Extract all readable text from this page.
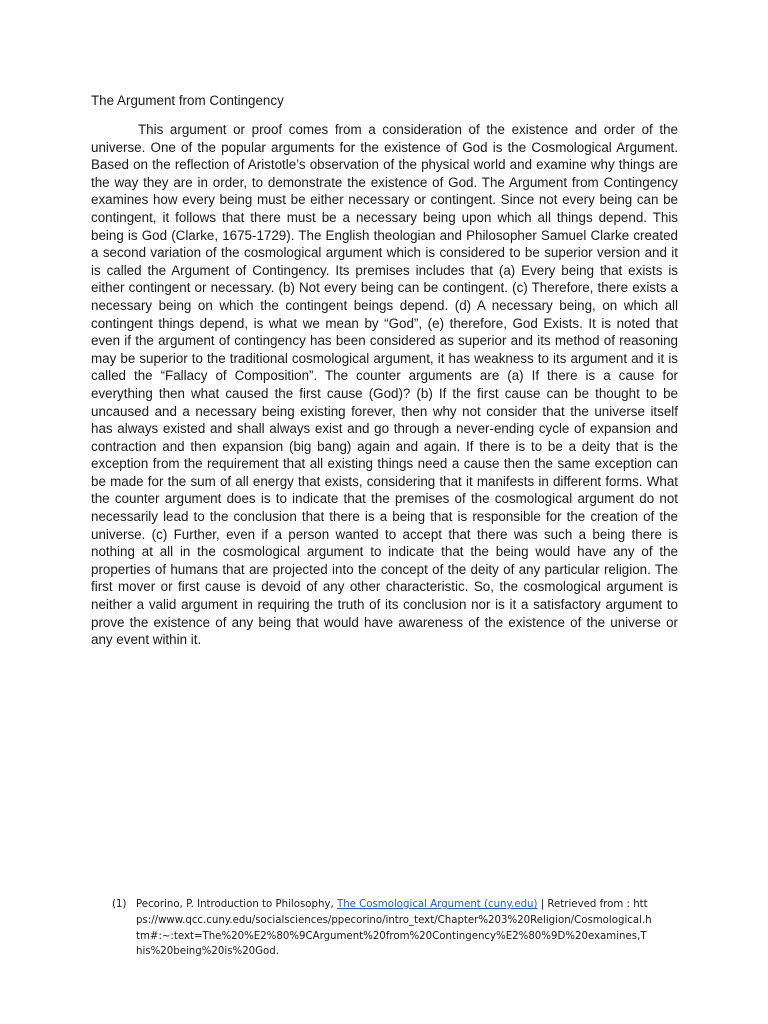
The Argument from Contingency

This argument or proof comes from a consideration of the existence and order of the universe. One of the popular arguments for the existence of God is the Cosmological Argument. Based on the reflection of Aristotle’s observation of the physical world and examine why things are the way they are in order, to demonstrate the existence of God. The Argument from Contingency examines how every being must be either necessary or contingent. Since not every being can be contingent, it follows that there must be a necessary being upon which all things depend. This being is God (Clarke, 1675-1729). The English theologian and Philosopher Samuel Clarke created a second variation of the cosmological argument which is considered to be superior version and it is called the Argument of Contingency. Its premises includes that (a) Every being that exists is either contingent or necessary. (b) Not every being can be contingent. (c) Therefore, there exists a necessary being on which the contingent beings depend. (d) A necessary being, on which all contingent things depend, is what we mean by “God”, (e) therefore, God Exists. It is noted that even if the argument of contingency has been considered as superior and its method of reasoning may be superior to the traditional cosmological argument, it has weakness to its argument and it is called the “Fallacy of Composition”. The counter arguments are (a) If there is a cause for everything then what caused the first cause (God)? (b) If the first cause can be thought to be uncaused and a necessary being existing forever, then why not consider that the universe itself has always existed and shall always exist and go through a never-ending cycle of expansion and contraction and then expansion (big bang) again and again. If there is to be a deity that is the exception from the requirement that all existing things need a cause then the same exception can be made for the sum of all energy that exists, considering that it manifests in different forms. What the counter argument does is to indicate that the premises of the cosmological argument do not necessarily lead to the conclusion that there is a being that is responsible for the creation of the universe. (c) Further, even if a person wanted to accept that there was such a being there is nothing at all in the cosmological argument to indicate that the being would have any of the properties of humans that are projected into the concept of the deity of any particular religion. The first mover or first cause is devoid of any other characteristic. So, the cosmological argument is neither a valid argument in requiring the truth of its conclusion nor is it a satisfactory argument to prove the existence of any being that would have awareness of the existence of the universe or any event within it.

(1) Pecorino, P. Introduction to Philosophy, The Cosmological Argument (cuny.edu) | Retrieved from : https://www.qcc.cuny.edu/socialsciences/ppecorino/intro_text/Chapter%203%20Religion/Cosmological.htm#:~:text=The%20%E2%80%9CArgument%20from%20Contingency%E2%80%9D%20examines,This%20being%20is%20God.
